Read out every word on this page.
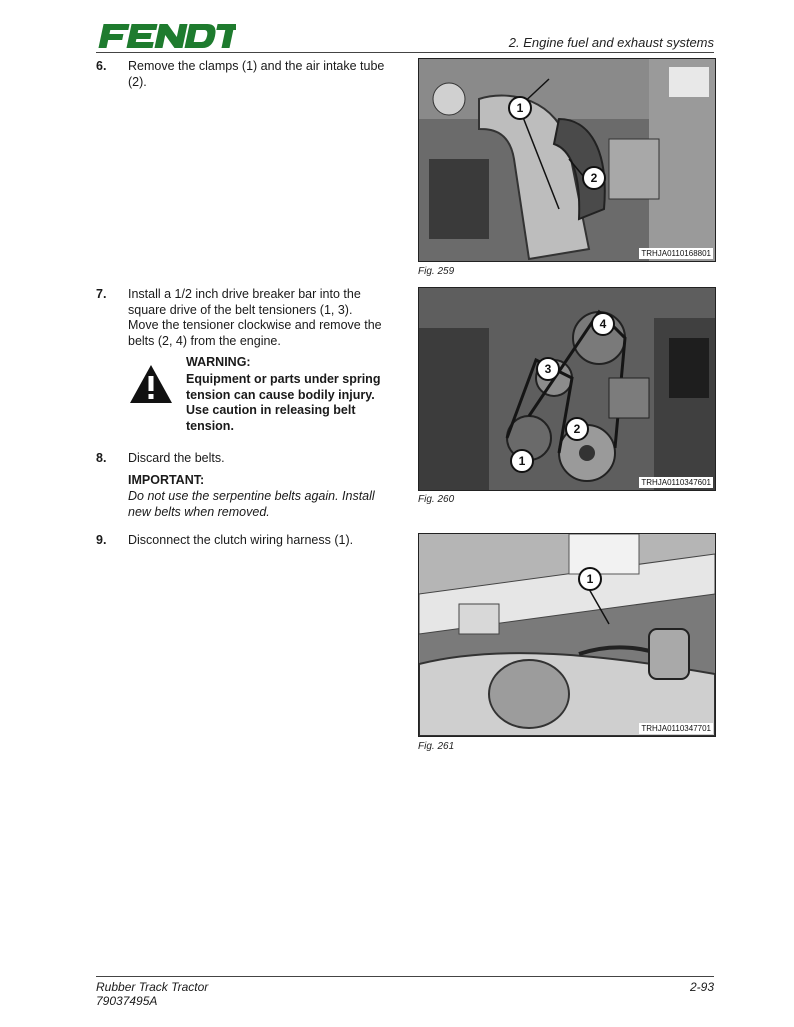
2. Engine fuel and exhaust systems
6. Remove the clamps (1) and the air intake tube (2).
7. Install a 1/2 inch drive breaker bar into the square drive of the belt tensioners (1, 3). Move the tensioner clockwise and remove the belts (2, 4) from the engine.
WARNING:
Equipment or parts under spring tension can cause bodily injury. Use caution in releasing belt tension.
8. Discard the belts.
IMPORTANT:
Do not use the serpentine belts again. Install new belts when removed.
9. Disconnect the clutch wiring harness (1).
1
2
TRHJA0110168801
Fig. 259
4
3
2
1
TRHJA0110347601
Fig. 260
1
TRHJA0110347701
Fig. 261
Rubber Track Tractor
79037495A
2-93
